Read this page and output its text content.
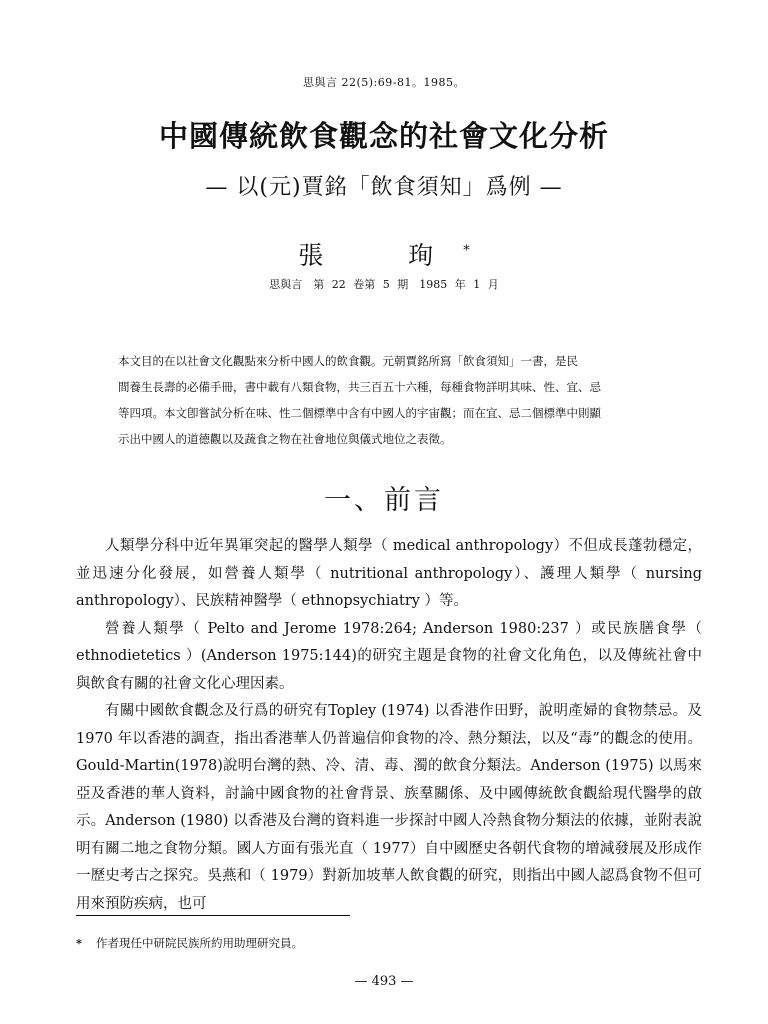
思與言 22(5):69-81。1985。
中國傳統飲食觀念的社會文化分析
— 以(元)賈銘「飲食須知」爲例 —
張　珣*
思與言　第 22 卷第 5 期　1985 年 1 月

本文目的在以社會文化觀點來分析中國人的飲食觀。元朝賈銘所寫「飲食須知」一書，是民

間養生長壽的必備手冊，書中載有八類食物，共三百五十六種，每種食物詳明其味、性、宜、忌

等四項。本文卽嘗試分析在味、性二個標準中含有中國人的宇宙觀；而在宜、忌二個標準中則顯

示出中國人的道德觀以及蔬食之物在社會地位與儀式地位之表徵。

一、前言

人類學分科中近年異軍突起的醫學人類學（ medical anthropology）不但成長蓬勃穩定，並迅速分化發展，如營養人類學（ nutritional anthropology）、護理人類學（ nursing anthropology）、民族精神醫學（ ethnopsychiatry ）等。

營養人類學（ Pelto and Jerome 1978:264; Anderson 1980:237 ）或民族膳食學（ ethnodietetics ）(Anderson 1975:144)的研究主題是食物的社會文化角色，以及傳統社會中與飲食有關的社會文化心理因素。

有關中國飲食觀念及行爲的研究有Topley (1974) 以香港作田野，說明產婦的食物禁忌。及 1970 年以香港的調查，指出香港華人仍普遍信仰食物的冷、熱分類法，以及“毒”的觀念的使用。Gould-Martin(1978)說明台灣的熱、冷、清、毒、濁的飲食分類法。Anderson (1975) 以馬來亞及香港的華人資料，討論中國食物的社會背景、族羣關係、及中國傳統飲食觀給現代醫學的啟示。Anderson (1980) 以香港及台灣的資料進一步探討中國人冷熱食物分類法的依據，並附表說明有關二地之食物分類。國人方面有張光直（ 1977）自中國歷史各朝代食物的增減發展及形成作一歷史考古之探究。吳燕和（ 1979）對新加坡華人飲食觀的研究，則指出中國人認爲食物不但可用來預防疾病，也可

* 作者現任中研院民族所約用助理研究員。
— 493 —
